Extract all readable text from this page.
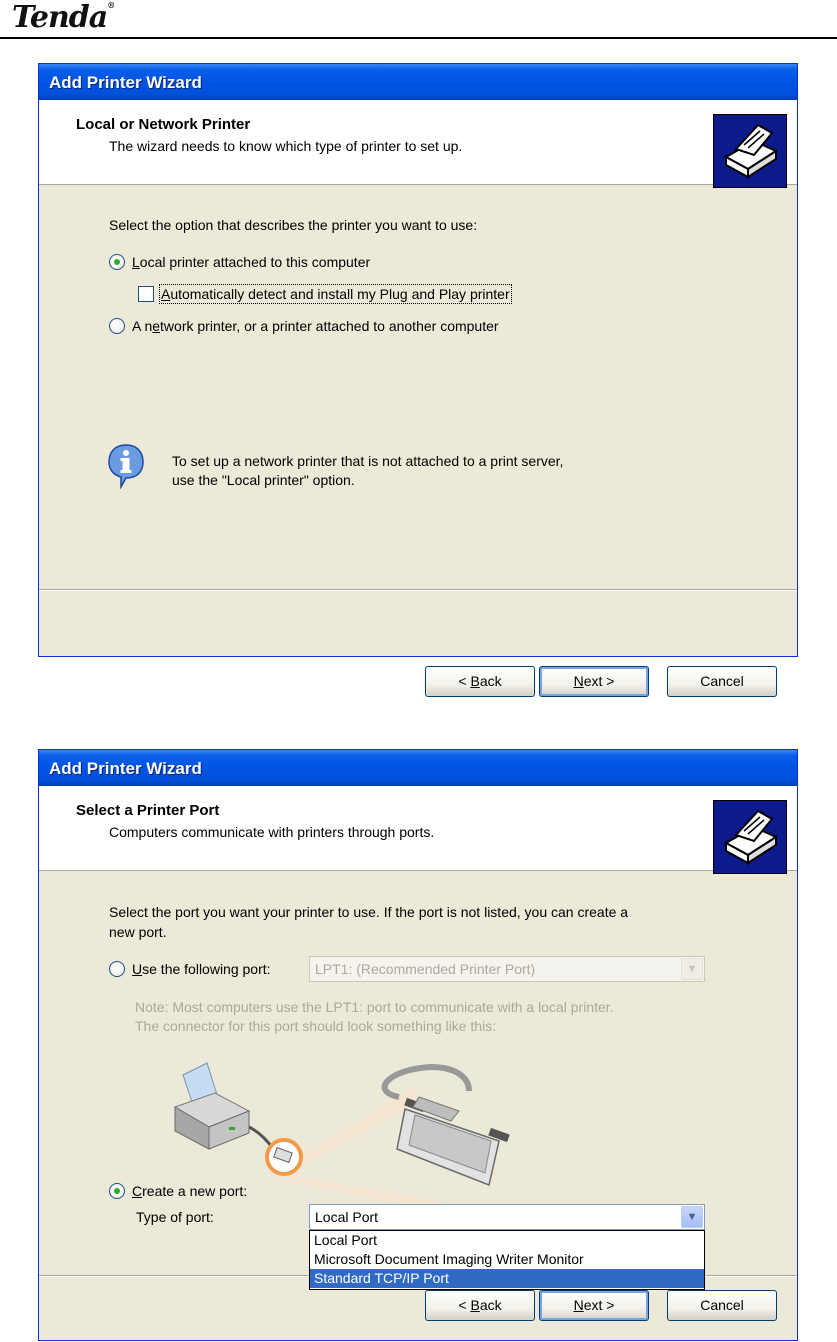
Tenda®
Add Printer Wizard
Local or Network Printer
The wizard needs to know which type of printer to set up.
Select the option that describes the printer you want to use:
Local printer attached to this computer
Automatically detect and install my Plug and Play printer
A network printer, or a printer attached to another computer
To set up a network printer that is not attached to a print server,
use the "Local printer" option.
< Back	Next >	Cancel
Add Printer Wizard
Select a Printer Port
Computers communicate with printers through ports.
Select the port you want your printer to use. If the port is not listed, you can create a
new port.
Use the following port:	LPT1: (Recommended Printer Port)	▼
Note: Most computers use the LPT1: port to communicate with a local printer.
The connector for this port should look something like this:
Create a new port:
Type of port:	Local Port	▼
< Back	Next >	Cancel
Local Port
Microsoft Document Imaging Writer Monitor
Standard TCP/IP Port
